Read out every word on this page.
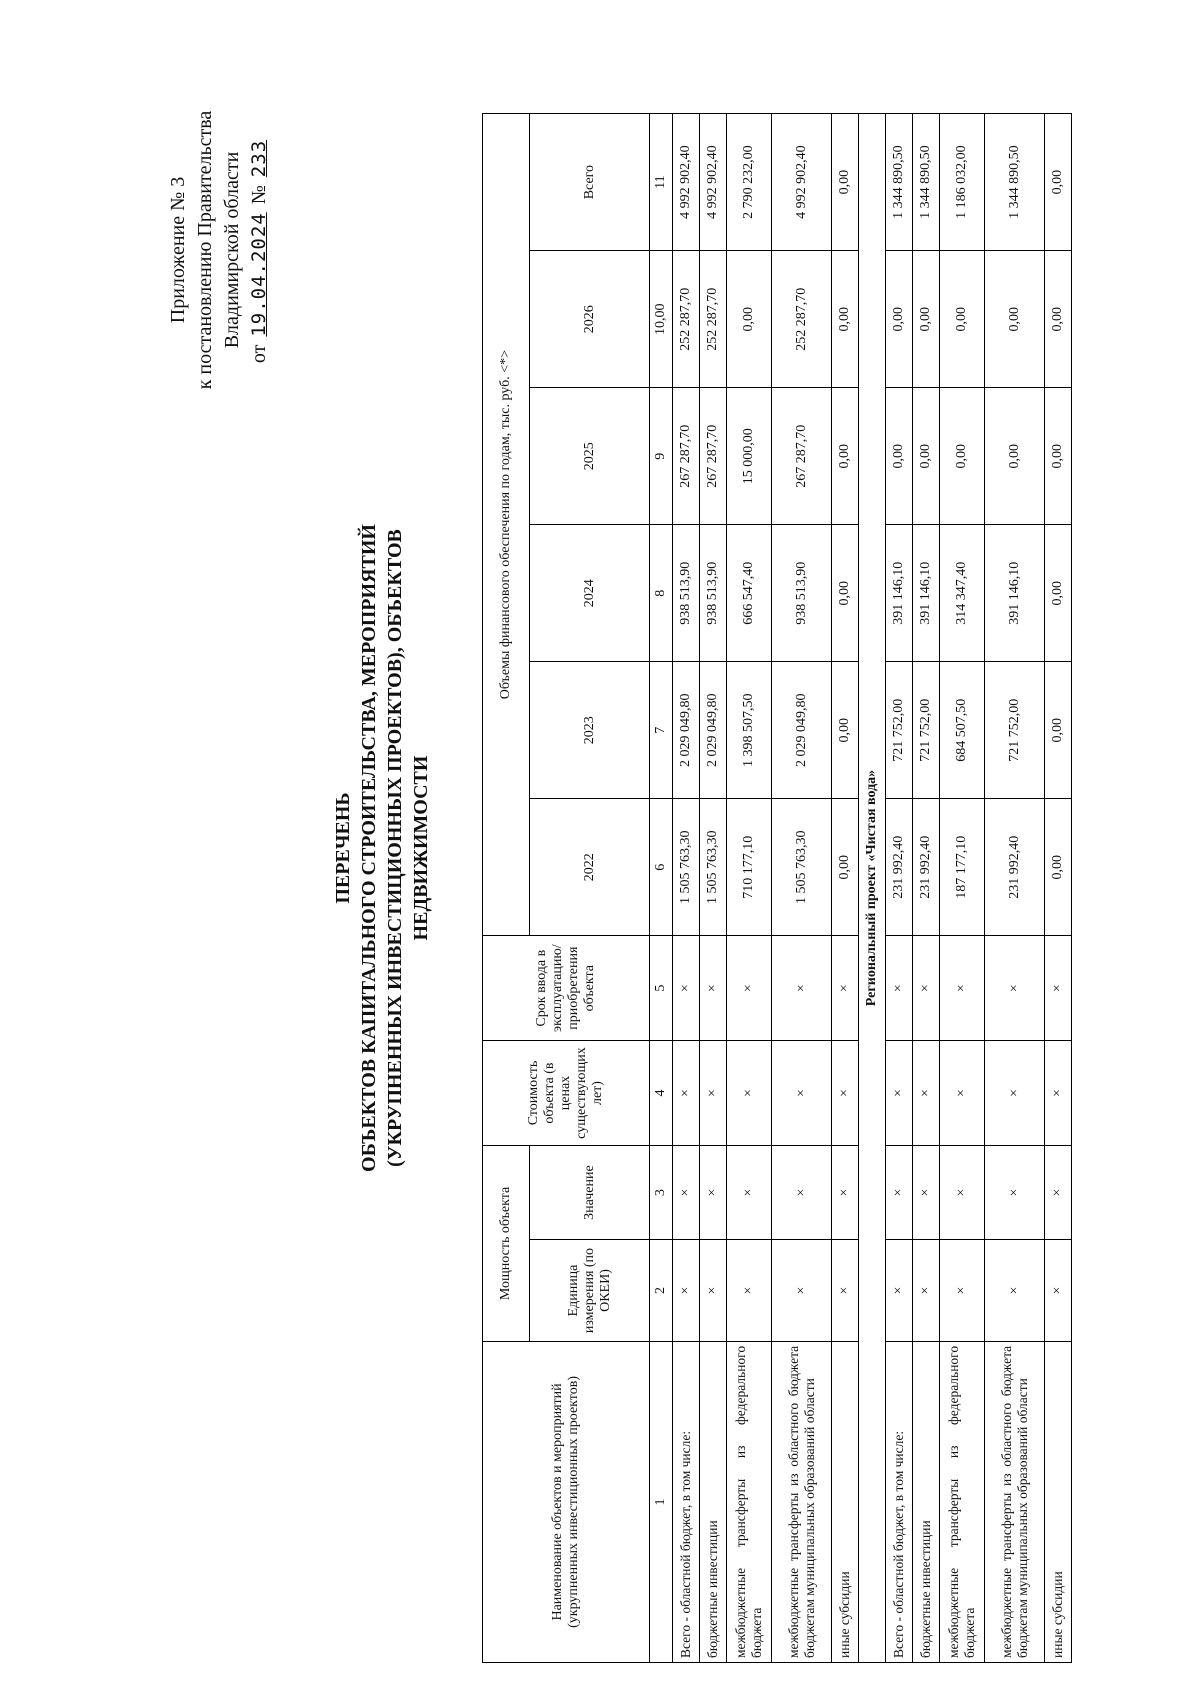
Приложение № 3 к постановлению Правительства Владимирской области
от 19.04.2024 № 233
ПЕРЕЧЕНЬ ОБЪЕКТОВ КАПИТАЛЬНОГО СТРОИТЕЛЬСТВА, МЕРОПРИЯТИЙ (УКРУПНЕННЫХ ИНВЕСТИЦИОННЫХ ПРОЕКТОВ), ОБЪЕКТОВ НЕДВИЖИМОСТИ
Наименование объектов и мероприятий (укрупненных инвестиционных проектов)	Мощность объекта		Стоимость объекта (в ценах существующих лет)	Срок ввода в эксплуатацию/приобретения объекта	Объемы финансового обеспечения по годам, тыс. руб. <*>					
	Единица измерения (по ОКЕИ)	Значение			2022	2023	2024	2025	2026	Всего
1	2	3	4	5	6	7	8	9	10,00	11
Всего - областной бюджет, в том числе:	×	×	×	×	1 505 763,30	2 029 049,80	938 513,90	267 287,70	252 287,70	4 992 902,40
бюджетные инвестиции	×	×	×	×	1 505 763,30	2 029 049,80	938 513,90	267 287,70	252 287,70	4 992 902,40
межбюджетные трансферты из федерального бюджета	×	×	×	×	710 177,10	1 398 507,50	666 547,40	15 000,00	0,00	2 790 232,00
межбюджетные трансферты из областного бюджета бюджетам муниципальных образований области	×	×	×	×	1 505 763,30	2 029 049,80	938 513,90	267 287,70	252 287,70	4 992 902,40
иные субсидии	×	×	×	×	0,00	0,00	0,00	0,00	0,00	0,00
Региональный проект «Чистая вода»										
Всего - областной бюджет, в том числе:	×	×	×	×	231 992,40	721 752,00	391 146,10	0,00	0,00	1 344 890,50
бюджетные инвестиции	×	×	×	×	231 992,40	721 752,00	391 146,10	0,00	0,00	1 344 890,50
межбюджетные трансферты из федерального бюджета	×	×	×	×	187 177,10	684 507,50	314 347,40	0,00	0,00	1 186 032,00
межбюджетные трансферты из областного бюджета бюджетам муниципальных образований области	×	×	×	×	231 992,40	721 752,00	391 146,10	0,00	0,00	1 344 890,50
иные субсидии	×	×	×	×	0,00	0,00	0,00	0,00	0,00	0,00
